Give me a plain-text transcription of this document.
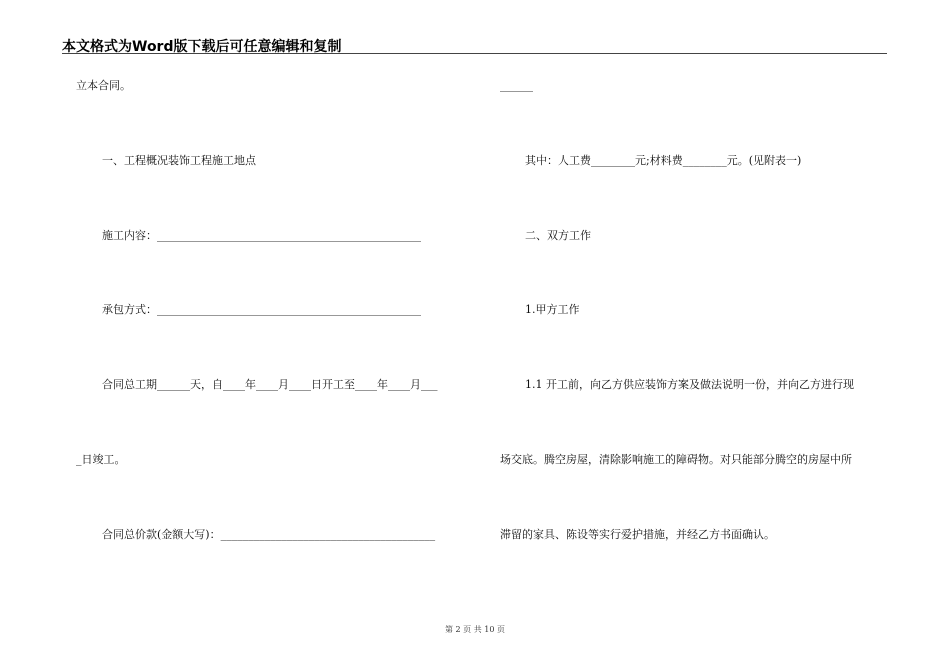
本文格式为Word版下载后可任意编辑和复制
立本合同。
一、工程概况装饰工程施工地点
施工内容：________________________________________________
承包方式：________________________________________________
合同总工期______天，自____年____月____日开工至____年____月___
_日竣工。
合同总价款(金额大写)：_______________________________________
______
其中：人工费________元;材料费________元。(见附表一)
二、双方工作
1.甲方工作
1.1 开工前，向乙方供应装饰方案及做法说明一份，并向乙方进行现
场交底。腾空房屋，清除影响施工的障碍物。对只能部分腾空的房屋中所
滞留的家具、陈设等实行爱护措施，并经乙方书面确认。
第 2 页 共 10 页
